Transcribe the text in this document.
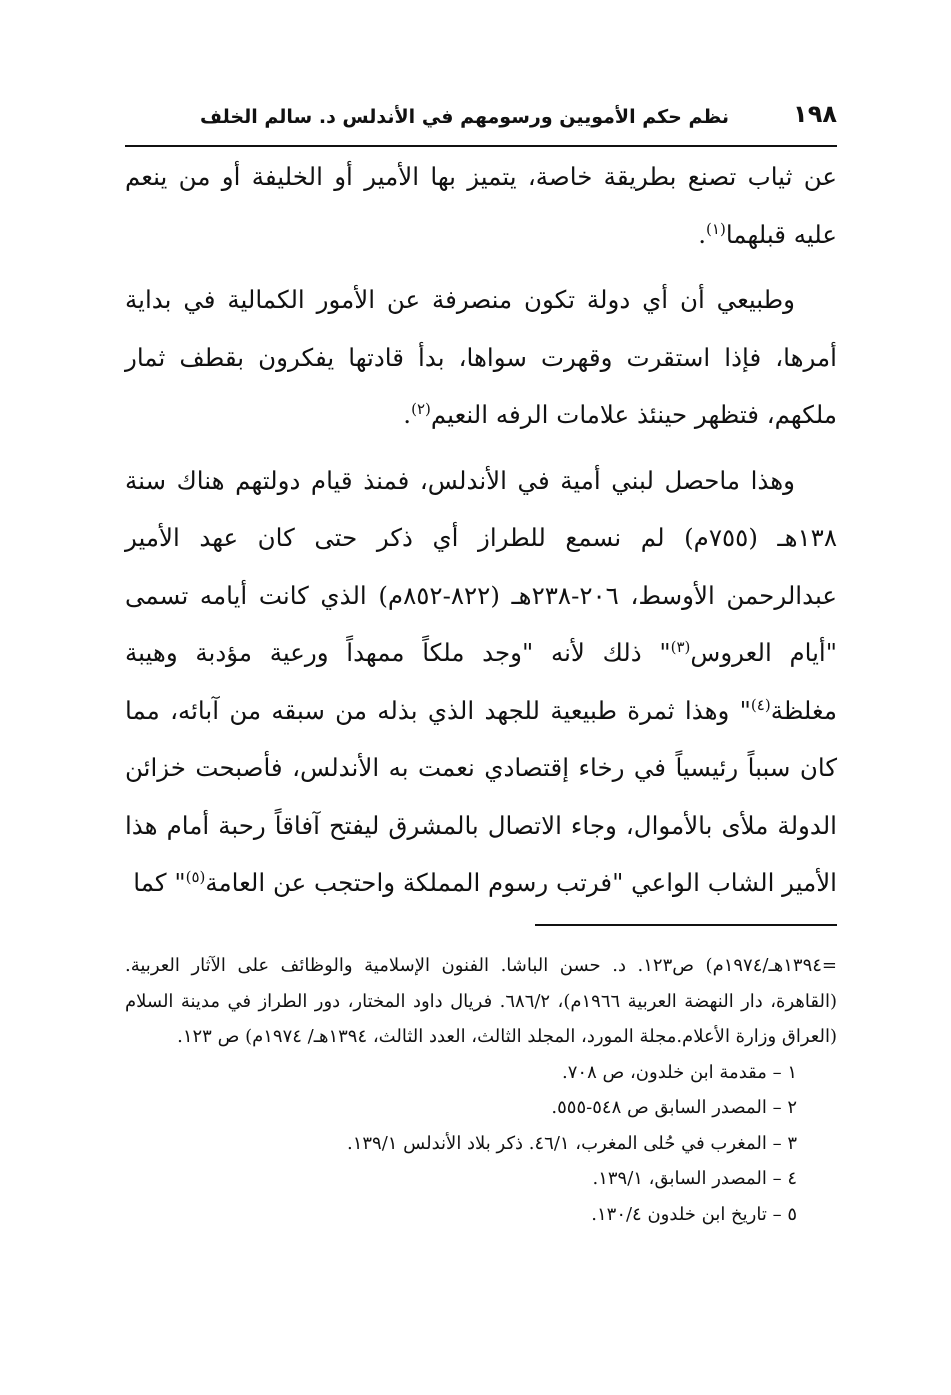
١٩٨
نظم حكم الأمويين ورسومهم في الأندلس د. سالم الخلف

عن ثياب تصنع بطريقة خاصة، يتميز بها الأمير أو الخليفة أو من ينعم عليه قبلهما$^{(١)}$.

وطبيعي أن أي دولة تكون منصرفة عن الأمور الكمالية في بداية أمرها، فإذا استقرت وقهرت سواها، بدأ قادتها يفكرون بقطف ثمار ملكهم، فتظهر حينئذ علامات الرفه النعيم$^{(٢)}$.

وهذا ماحصل لبني أمية في الأندلس، فمنذ قيام دولتهم هناك سنة ١٣٨هـ (٧٥٥م) لم نسمع للطراز أي ذكر حتى كان عهد الأمير عبدالرحمن الأوسط، ٢٠٦-٢٣٨هـ (٨٢٢-٨٥٢م) الذي كانت أيامه تسمى "أيام العروس$^{(٣)}$" ذلك لأنه "وجد ملكاً ممهداً ورعية مؤدبة وهيبة مغلظة$^{(٤)}$" وهذا ثمرة طبيعية للجهد الذي بذله من سبقه من آبائه، مما كان سبباً رئيسياً في رخاء إقتصادي نعمت به الأندلس، فأصبحت خزائن الدولة ملأى بالأموال، وجاء الاتصال بالمشرق ليفتح آفاقاً رحبة أمام هذا الأمير الشاب الواعي "فرتب رسوم المملكة واحتجب عن العامة$^{(٥)}$" كما

=١٣٩٤هـ/١٩٧٤م) ص١٢٣. د. حسن الباشا. الفنون الإسلامية والوظائف على الآثار العربية. (القاهرة، دار النهضة العربية ١٩٦٦م)، ٦٨٦/٢. فريال داود المختار، دور الطراز في مدينة السلام (العراق وزارة الأعلام.مجلة المورد، المجلد الثالث، العدد الثالث، ١٣٩٤هـ/ ١٩٧٤م) ص ١٢٣.

١ – مقدمة ابن خلدون، ص ٧٠٨.
٢ – المصدر السابق ص ٥٤٨-٥٥٥.
٣ – المغرب في حُلى المغرب، ٤٦/١. ذكر بلاد الأندلس ١٣٩/١.
٤ – المصدر السابق، ١٣٩/١.
٥ – تاريخ ابن خلدون ١٣٠/٤.
